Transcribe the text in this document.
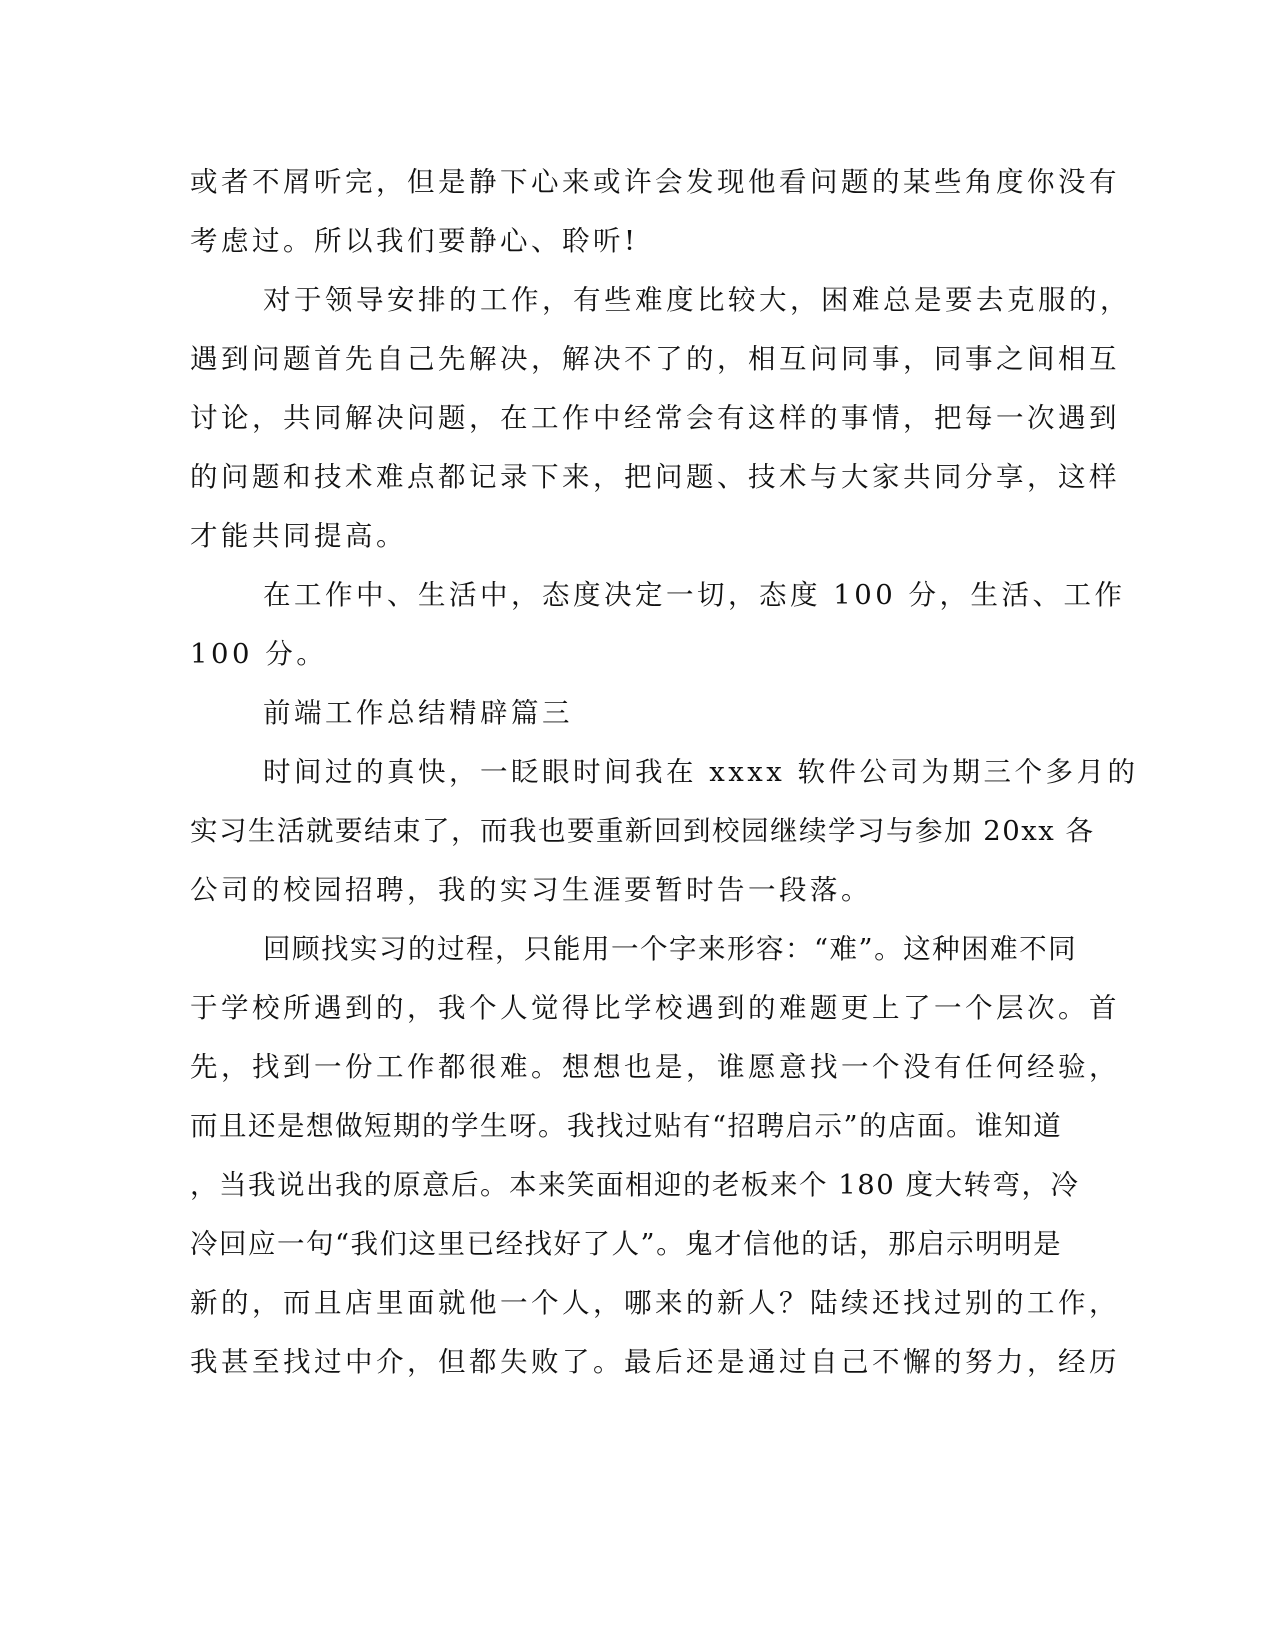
或者不屑听完，但是静下心来或许会发现他看问题的某些角度你没有
考虑过。所以我们要静心、聆听!
对于领导安排的工作，有些难度比较大，困难总是要去克服的，
遇到问题首先自己先解决，解决不了的，相互问同事，同事之间相互
讨论，共同解决问题，在工作中经常会有这样的事情，把每一次遇到
的问题和技术难点都记录下来，把问题、技术与大家共同分享，这样
才能共同提高。
在工作中、生活中，态度决定一切，态度 100 分，生活、工作
100 分。
前端工作总结精辟篇三
时间过的真快，一眨眼时间我在 xxxx 软件公司为期三个多月的
实习生活就要结束了，而我也要重新回到校园继续学习与参加 20xx 各
公司的校园招聘，我的实习生涯要暂时告一段落。
回顾找实习的过程，只能用一个字来形容：“难”。这种困难不同
于学校所遇到的，我个人觉得比学校遇到的难题更上了一个层次。首
先，找到一份工作都很难。想想也是，谁愿意找一个没有任何经验，
而且还是想做短期的学生呀。我找过贴有“招聘启示”的店面。谁知道
，当我说出我的原意后。本来笑面相迎的老板来个 180 度大转弯，冷
冷回应一句“我们这里已经找好了人”。鬼才信他的话，那启示明明是
新的，而且店里面就他一个人，哪来的新人？陆续还找过别的工作，
我甚至找过中介，但都失败了。最后还是通过自己不懈的努力，经历
